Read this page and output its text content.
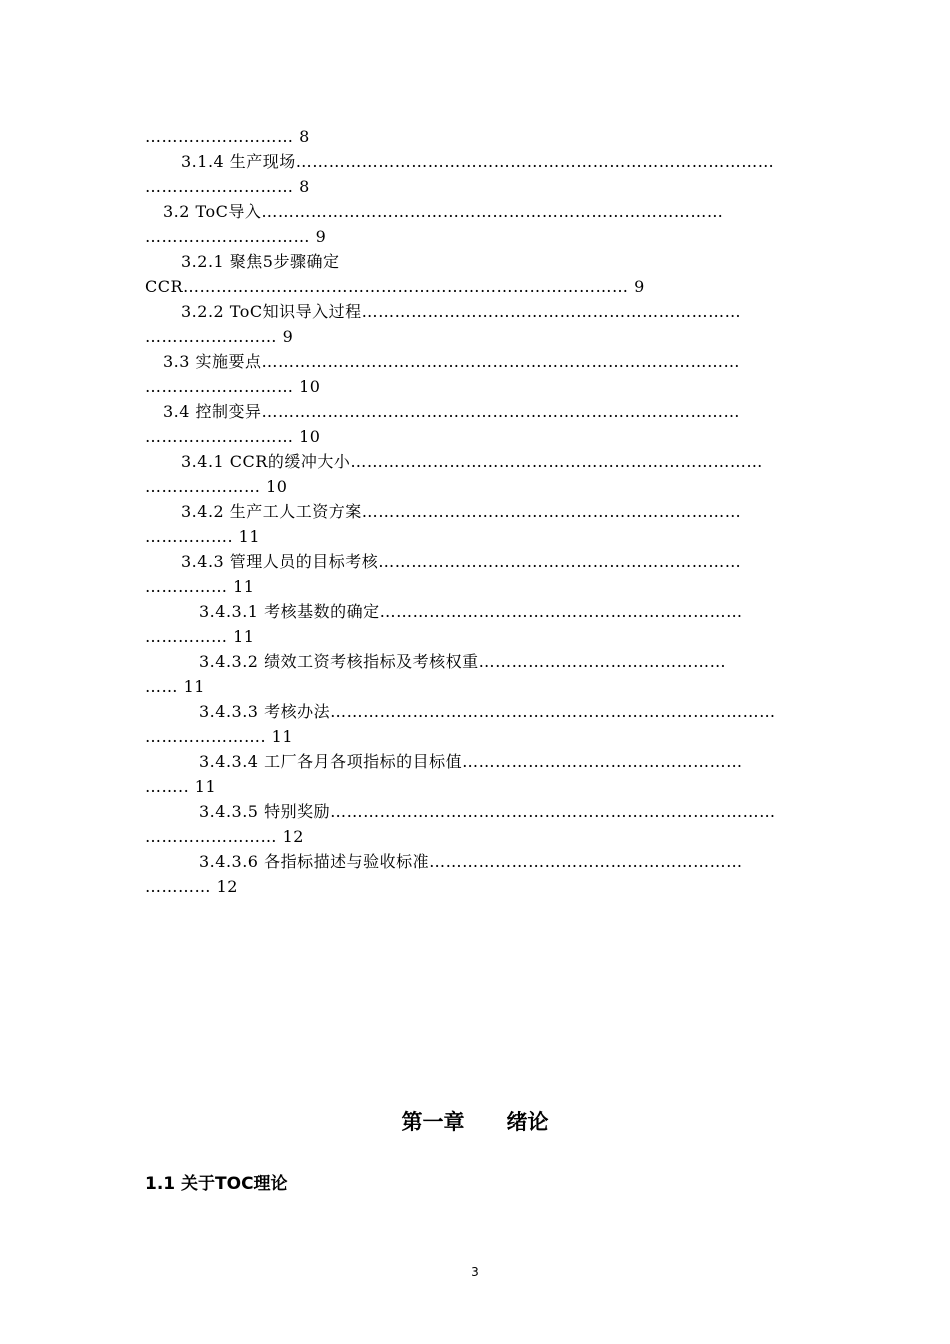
……………………… 8
3.1.4 生产现场……………………………………………………………………………
……………………… 8
3.2 ToC导入…………………………………………………………………………
………………………… 9
3.2.1 聚焦5步骤确定
CCR……………………………………………………………………… 9
3.2.2 ToC知识导入过程……………………………………………………………
…………………… 9
3.3 实施要点……………………………………………………………………………
……………………… 10
3.4 控制变异……………………………………………………………………………
……………………… 10
3.4.1 CCR的缓冲大小…………………………………………………………………
………………… 10
3.4.2 生产工人工资方案……………………………………………………………
……………. 11
3.4.3 管理人员的目标考核…………………………………………………………
…………… 11
3.4.3.1 考核基数的确定…………………………………………………………
…………… 11
3.4.3.2 绩效工资考核指标及考核权重………………………………………
…… 11
3.4.3.3 考核办法………………………………………………………………………
…………………. 11
3.4.3.4 工厂各月各项指标的目标值……………………………………………
…….. 11
3.4.3.5 特别奖励………………………………………………………………………
…………………… 12
3.4.3.6 各指标描述与验收标准…………………………………………………
………… 12
第一章 绪论
1.1 关于TOC理论
3
